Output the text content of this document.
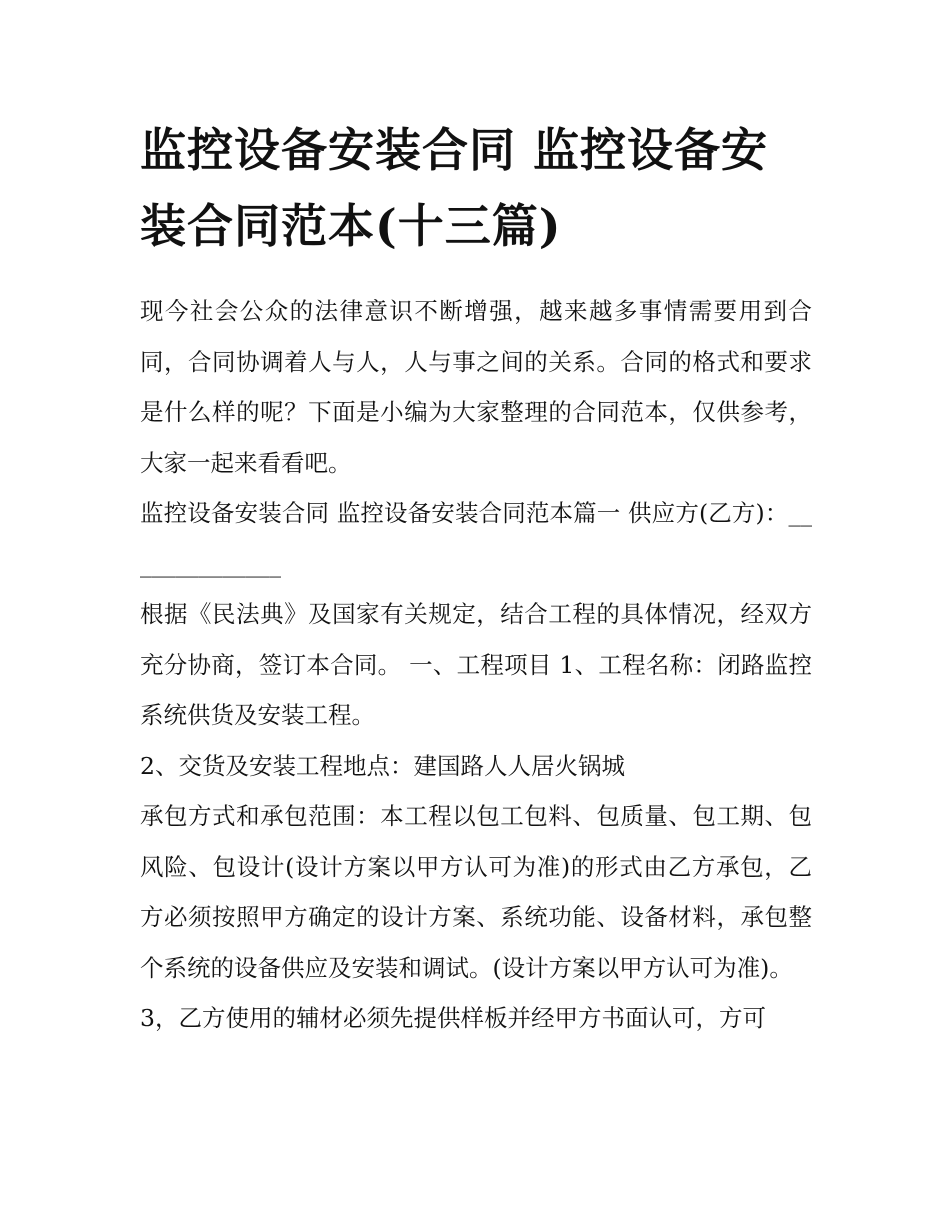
监控设备安装合同 监控设备安装合同范本(十三篇)

现今社会公众的法律意识不断增强，越来越多事情需要用到合同，合同协调着人与人，人与事之间的关系。合同的格式和要求是什么样的呢？下面是小编为大家整理的合同范本，仅供参考，大家一起来看看吧。

监控设备安装合同 监控设备安装合同范本篇一 供应方(乙方)：______________

根据《民法典》及国家有关规定，结合工程的具体情况，经双方充分协商，签订本合同。 一、工程项目 1、工程名称：闭路监控系统供货及安装工程。

2、交货及安装工程地点：建国路人人居火锅城

承包方式和承包范围：本工程以包工包料、包质量、包工期、包风险、包设计(设计方案以甲方认可为准)的形式由乙方承包，乙方必须按照甲方确定的设计方案、系统功能、设备材料，承包整个系统的设备供应及安装和调试。(设计方案以甲方认可为准)。

3，乙方使用的辅材必须先提供样板并经甲方书面认可，方可
